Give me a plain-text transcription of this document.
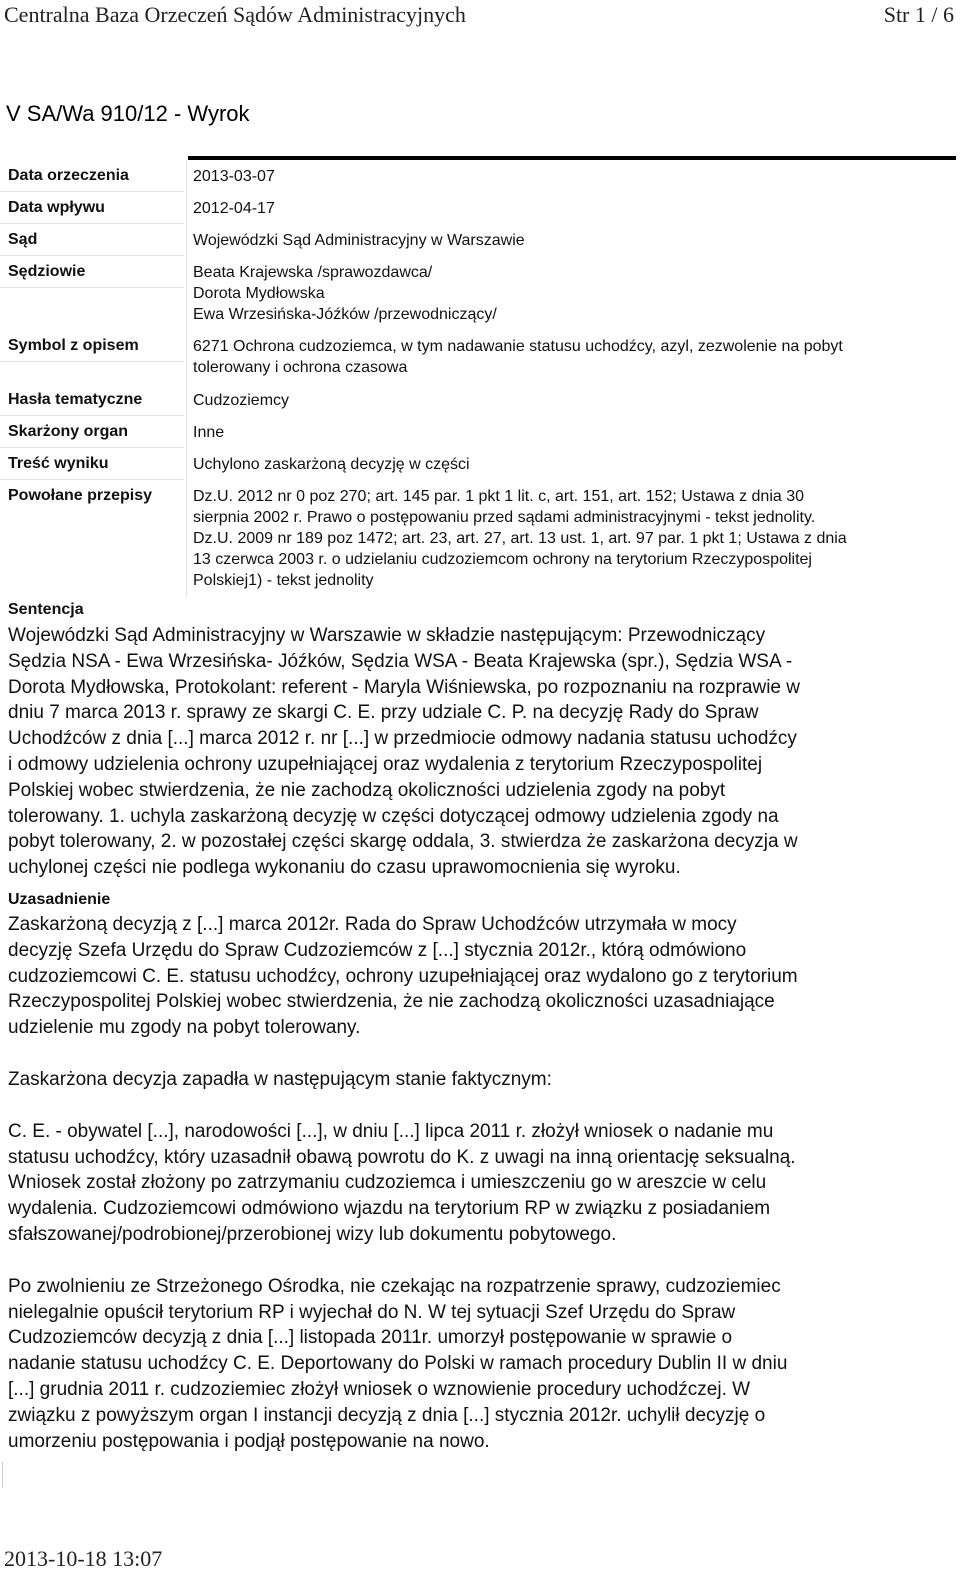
Centralna Baza Orzeczeń Sądów Administracyjnych	Str 1 / 6
V SA/Wa 910/12 - Wyrok
Data orzeczenia	2013-03-07
Data wpływu	2012-04-17
Sąd	Wojewódzki Sąd Administracyjny w Warszawie
Sędziowie	Beata Krajewska /sprawozdawca/
Dorota Mydłowska
Ewa Wrzesińska-Jóźków /przewodniczący/
Symbol z opisem	6271 Ochrona cudzoziemca, w tym nadawanie statusu uchodźcy, azyl, zezwolenie na pobyt
tolerowany i ochrona czasowa
Hasła tematyczne	Cudzoziemcy
Skarżony organ	Inne
Treść wyniku	Uchylono zaskarżoną decyzję w części
Powołane przepisy	Dz.U. 2012 nr 0 poz 270; art. 145 par. 1 pkt 1 lit. c, art. 151, art. 152; Ustawa z dnia 30
sierpnia 2002 r. Prawo o postępowaniu przed sądami administracyjnymi - tekst jednolity.
Dz.U. 2009 nr 189 poz 1472; art. 23, art. 27, art. 13 ust. 1, art. 97 par. 1 pkt 1; Ustawa z dnia
13 czerwca 2003 r. o udzielaniu cudzoziemcom ochrony na terytorium Rzeczypospolitej
Polskiej1) - tekst jednolity
Sentencja

Wojewódzki Sąd Administracyjny w Warszawie w składzie następującym: Przewodniczący

Sędzia NSA - Ewa Wrzesińska- Jóźków, Sędzia WSA - Beata Krajewska (spr.), Sędzia WSA -

Dorota Mydłowska, Protokolant: referent - Maryla Wiśniewska, po rozpoznaniu na rozprawie w

dniu 7 marca 2013 r. sprawy ze skargi C. E. przy udziale C. P. na decyzję Rady do Spraw

Uchodźców z dnia [...] marca 2012 r. nr [...] w przedmiocie odmowy nadania statusu uchodźcy

i odmowy udzielenia ochrony uzupełniającej oraz wydalenia z terytorium Rzeczypospolitej

Polskiej wobec stwierdzenia, że nie zachodzą okoliczności udzielenia zgody na pobyt

tolerowany. 1. uchyla zaskarżoną decyzję w części dotyczącej odmowy udzielenia zgody na

pobyt tolerowany, 2. w pozostałej części skargę oddala, 3. stwierdza że zaskarżona decyzja w

uchylonej części nie podlega wykonaniu do czasu uprawomocnienia się wyroku.

Uzasadnienie

Zaskarżoną decyzją z [...] marca 2012r. Rada do Spraw Uchodźców utrzymała w mocy

decyzję Szefa Urzędu do Spraw Cudzoziemców z [...] stycznia 2012r., którą odmówiono

cudzoziemcowi C. E. statusu uchodźcy, ochrony uzupełniającej oraz wydalono go z terytorium

Rzeczypospolitej Polskiej wobec stwierdzenia, że nie zachodzą okoliczności uzasadniające

udzielenie mu zgody na pobyt tolerowany.

Zaskarżona decyzja zapadła w następującym stanie faktycznym:

C. E. - obywatel [...], narodowości [...], w dniu [...] lipca 2011 r. złożył wniosek o nadanie mu

statusu uchodźcy, który uzasadnił obawą powrotu do K. z uwagi na inną orientację seksualną.

Wniosek został złożony po zatrzymaniu cudzoziemca i umieszczeniu go w areszcie w celu

wydalenia. Cudzoziemcowi odmówiono wjazdu na terytorium RP w związku z posiadaniem

sfałszowanej/podrobionej/przerobionej wizy lub dokumentu pobytowego.

Po zwolnieniu ze Strzeżonego Ośrodka, nie czekając na rozpatrzenie sprawy, cudzoziemiec

nielegalnie opuścił terytorium RP i wyjechał do N. W tej sytuacji Szef Urzędu do Spraw

Cudzoziemców decyzją z dnia [...] listopada 2011r. umorzył postępowanie w sprawie o

nadanie statusu uchodźcy C. E. Deportowany do Polski w ramach procedury Dublin II w dniu

[...] grudnia 2011 r. cudzoziemiec złożył wniosek o wznowienie procedury uchodźczej. W

związku z powyższym organ I instancji decyzją z dnia [...] stycznia 2012r. uchylił decyzję o

umorzeniu postępowania i podjął postępowanie na nowo.

2013-10-18 13:07
